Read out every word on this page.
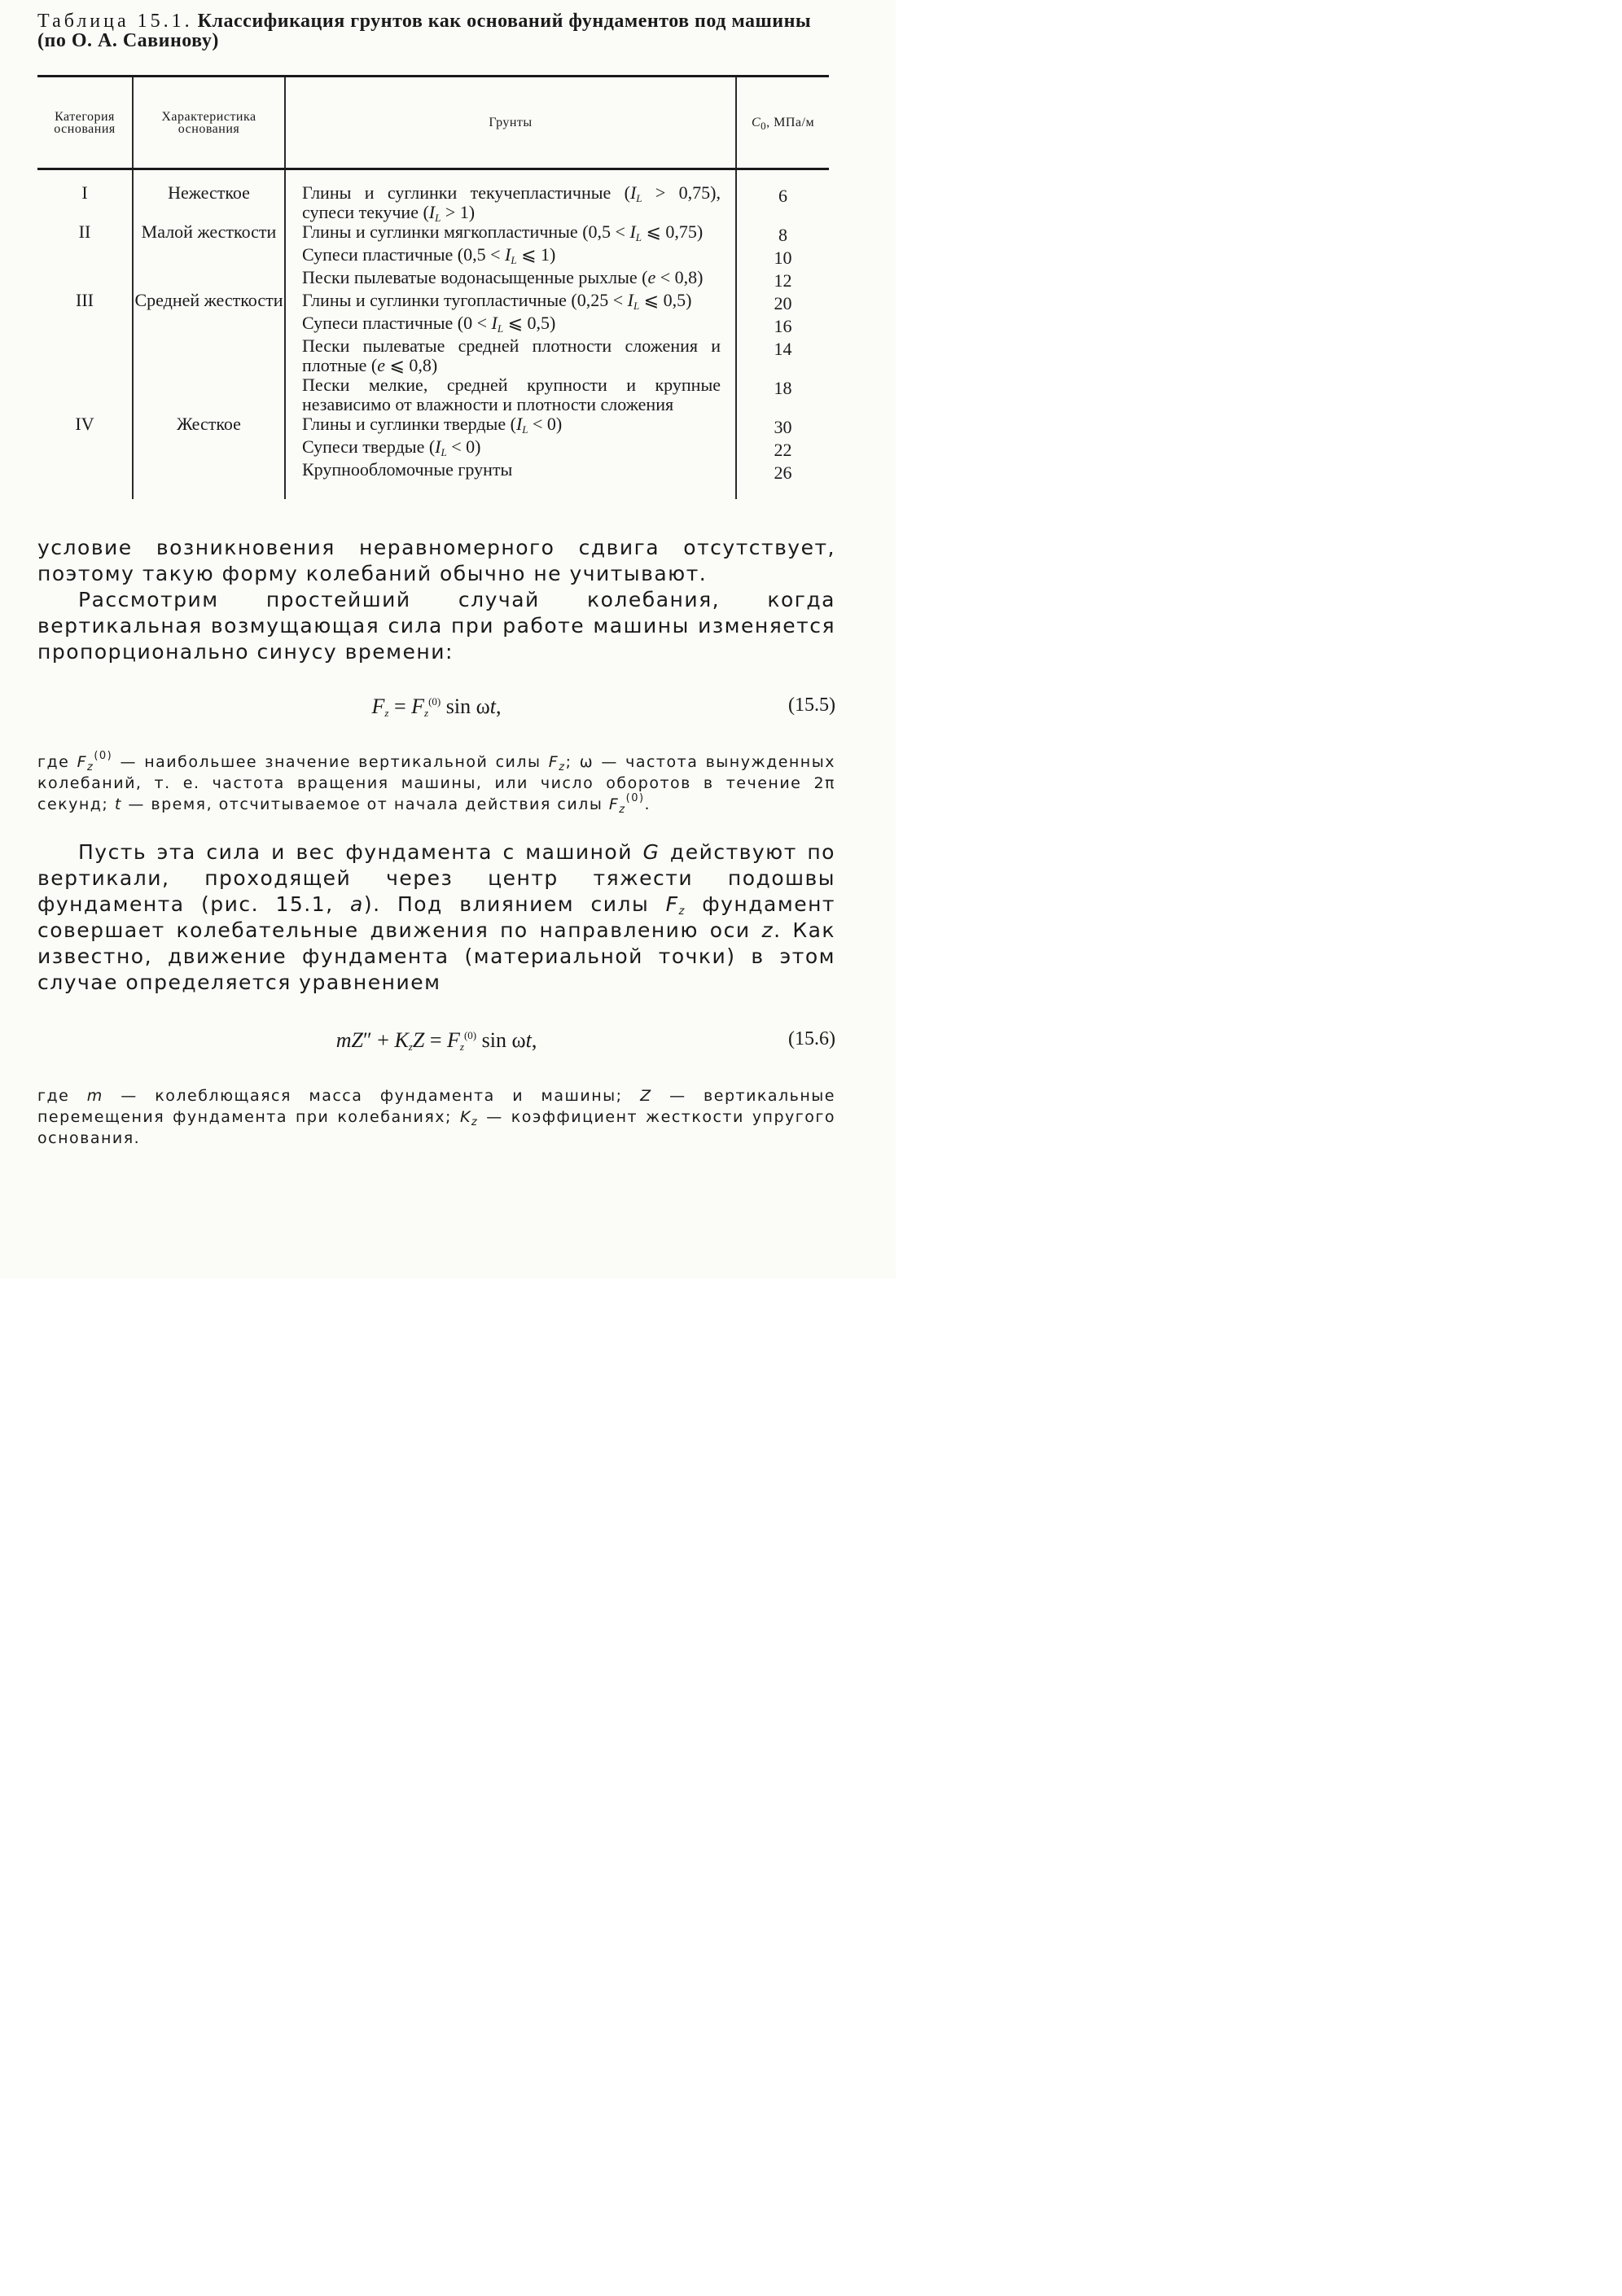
Таблица 15.1. Классификация грунтов как оснований фундаментов под машины (по О. А. Савинову)

Категория основания	Характеристика основания	Грунты	$C_0$, МПа/м
I	Нежесткое	Глины и суглинки текучепластичные $(I_L > 0,75)$, супеси текучие $(I_L > 1)$	6

II	Малой жесткости	Глины и суглинки мягкопластичные ($0,5 < I_L$ ⩽ 0,75)	8

		Супеси пластичные ($0,5 < I_L$ ⩽ 1)	10

		Пески пылеватые водонасыщенные рыхлые (e < 0,8)	12

III	Средней жесткости	Глины и суглинки тугопластичные ($0,25 < I_L$ ⩽ 0,5)	20

		Супеси пластичные ($0 < I_L$ ⩽ 0,5)	16

		Пески пылеватые средней плотности сложения и плотные (e ⩽ 0,8)	14

		Пески мелкие, средней крупности и крупные независимо от влажности и плотности сложения	18

IV	Жесткое	Глины и суглинки твердые $(I_L < 0)$	30

		Супеси твердые $(I_L < 0)$	22

		Крупнообломочные грунты	26

условие возникновения неравномерного сдвига отсутствует, поэтому такую форму колебаний обычно не учитывают.

Рассмотрим простейший случай колебания, когда вертикальная возмущающая сила при работе машины изменяется пропорционально синусу времени:

$F_z = F_z^{(0)}$ sin ωt,	(15.5)

где $F_z^{(0)}$ — наибольшее значение вертикальной силы $F_z$; ω — частота вынужденных колебаний, т. е. частота вращения машины, или число оборотов в течение 2π секунд; t — время, отсчитываемое от начала действия силы $F_z^{(0)}$.

Пусть эта сила и вес фундамента с машиной G действуют по вертикали, проходящей через центр тяжести подошвы фундамента (рис. 15.1, а). Под влиянием силы $F_z$ фундамент совершает колебательные движения по направлению оси z. Как известно, движение фундамента (материальной точки) в этом случае определяется уравнением

$mZ'' + K_zZ = F_z^{(0)}$ sin ωt,	(15.6)

где m — колеблющаяся масса фундамента и машины; Z — вертикальные перемещения фундамента при колебаниях; $K_z$ — коэффициент жесткости упругого основания.
